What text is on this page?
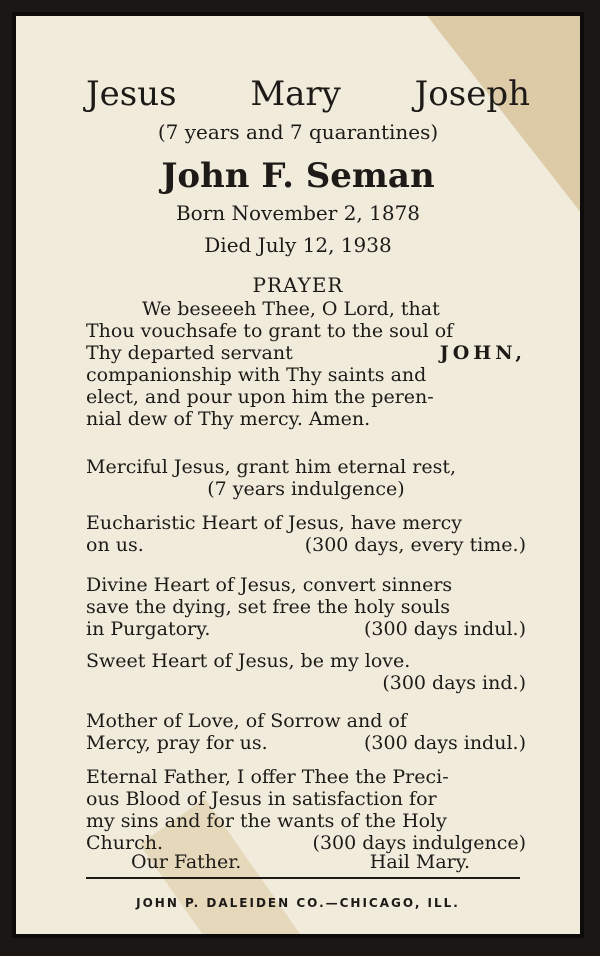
Jesus Mary Joseph
(7 years and 7 quarantines)
John F. Seman
Born November 2, 1878
Died July 12, 1938
PRAYER
We beseeeh Thee, O Lord, that
Thou vouchsafe to grant to the soul of
Thy departed servant	JOHN,
companionship with Thy saints and
elect, and pour upon him the peren-
nial dew of Thy mercy. Amen.
Merciful Jesus, grant him eternal rest,
(7 years indulgence)
Eucharistic Heart of Jesus, have mercy
on us.	(300 days, every time.)
Divine Heart of Jesus, convert sinners
save the dying, set free the holy souls
in Purgatory.	(300 days indul.)
Sweet Heart of Jesus, be my love.
(300 days ind.)
Mother of Love, of Sorrow and of
Mercy, pray for us.	(300 days indul.)
Eternal Father, I offer Thee the Preci-
ous Blood of Jesus in satisfaction for
my sins and for the wants of the Holy
Church.	(300 days indulgence)
Our Father.	Hail Mary.
JOHN P. DALEIDEN CO.—CHICAGO, ILL.
